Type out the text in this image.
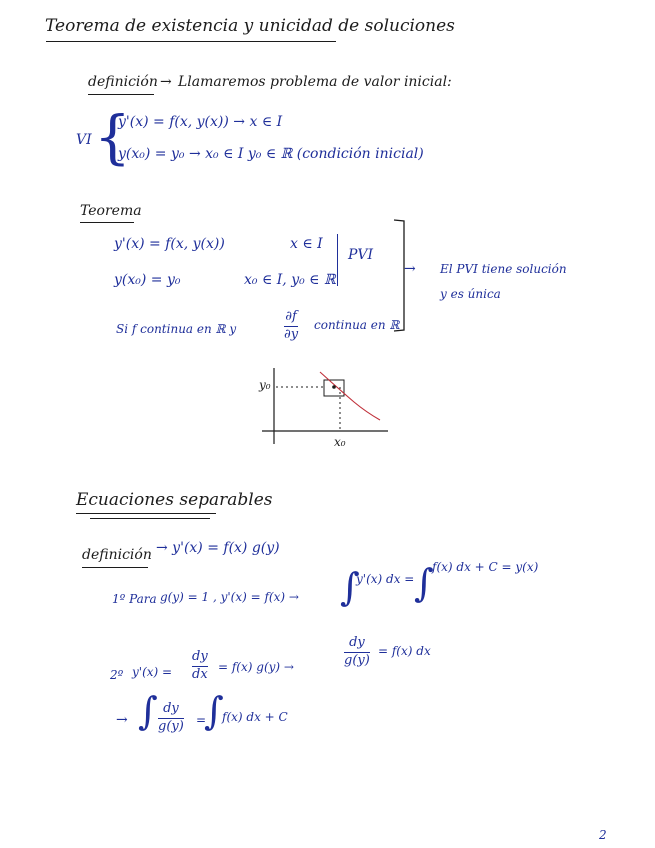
Teorema de existencia y unicidad de soluciones
definición → Llamaremos problema de valor inicial:
VI {
y'(x) = f(x, y(x)) → x ∈ I
y(x₀) = y₀ → x₀ ∈ I y₀ ∈ ℝ (condición inicial)
Teorema
y'(x) = f(x, y(x))	x ∈ I
y(x₀) = y₀	x₀ ∈ I, y₀ ∈ ℝ
PVI
→ El PVI tiene solución
y es única
Si f continua en ℝ y
∂f
∂y
continua en ℝ
y₀
x₀
Ecuaciones separables
definición → y'(x) = f(x) g(y)
1º Para g(y) = 1 , y'(x) = f(x) → ∫
y'(x) dx = ∫
f(x) dx + C = y(x)
2º y'(x) =
dy
dx = f(x) g(y) →
dy
g(y)
= f(x) dx
→ ∫ dy
g(y) =
∫
f(x) dx + C
2
